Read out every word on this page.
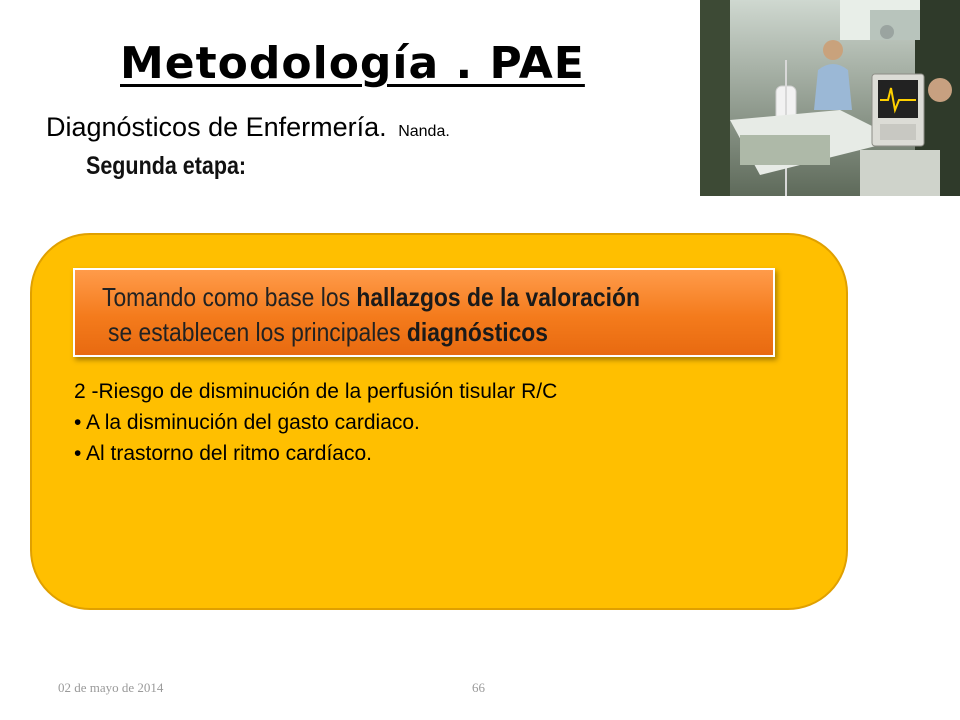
Metodología . PAE
Diagnósticos de Enfermería. Nanda.
Segunda etapa:
Tomando como base los hallazgos de la valoración
se establecen los principales diagnósticos
2 -Riesgo de disminución de la perfusión tisular R/C
• A la disminución del gasto cardiaco.
• Al trastorno del ritmo cardíaco.
02 de mayo de 2014	66
